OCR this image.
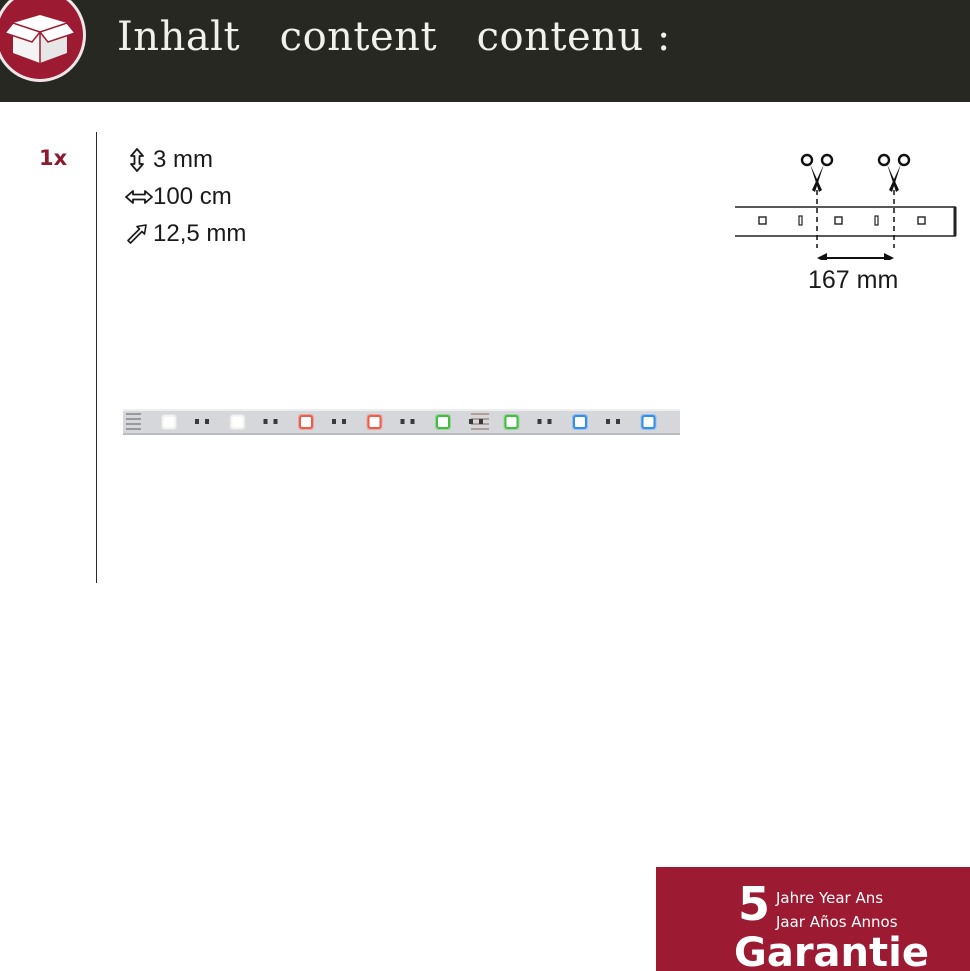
Inhalt   content   contenu :
1x	3 mm
100 cm
12,5 mm
167 mm
5 Jahre Year Ans
Jaar Años Annos
Garantie
